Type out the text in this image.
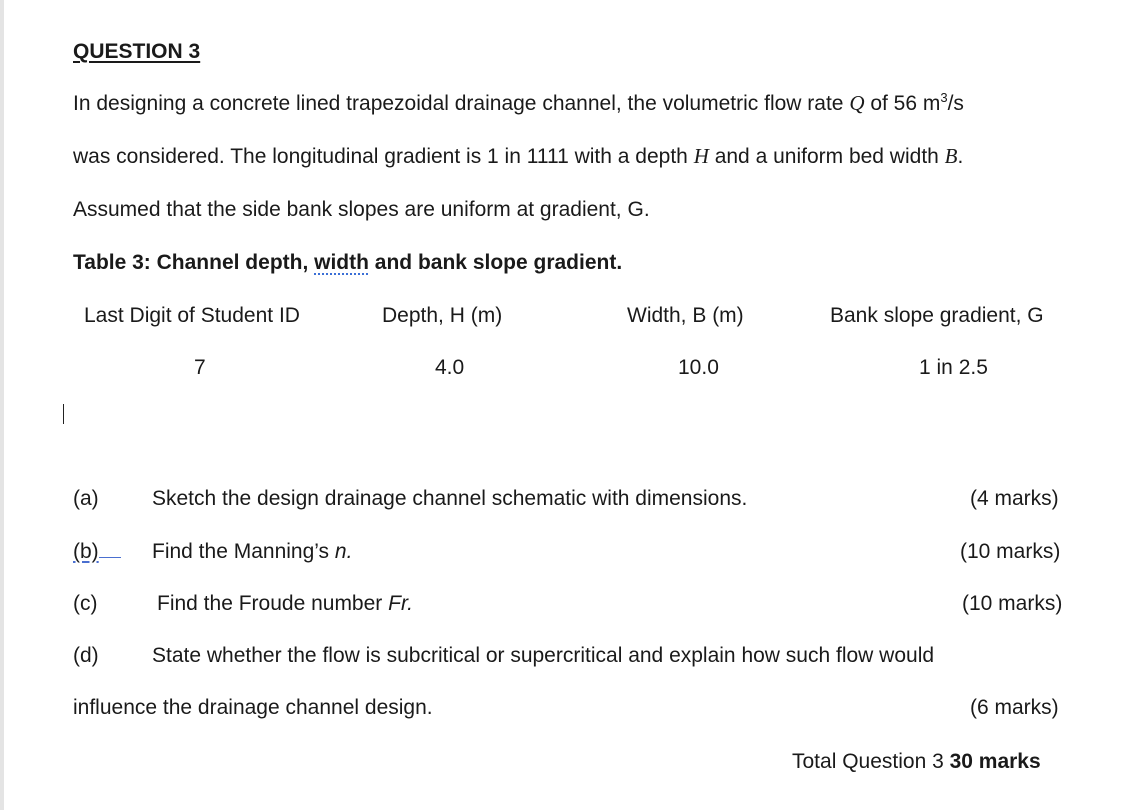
QUESTION 3
In designing a concrete lined trapezoidal drainage channel, the volumetric flow rate Q of 56 $m^3/s$
was considered. The longitudinal gradient is 1 in 1111 with a depth H and a uniform bed width B.
Assumed that the side bank slopes are uniform at gradient, G.
Table 3: Channel depth, width and bank slope gradient.
Last Digit of Student ID	Depth, H (m)	Width, B (m)	Bank slope gradient, G
7	4.0	10.0	1 in 2.5
(a)	Sketch the design drainage channel schematic with dimensions.	(4 marks)
(b)	Find the Manning’s n.	(10 marks)
(c)	Find the Froude number Fr.	(10 marks)
(d)	State whether the flow is subcritical or supercritical and explain how such flow would
influence the drainage channel design.	(6 marks)
Total Question 3 30 marks
